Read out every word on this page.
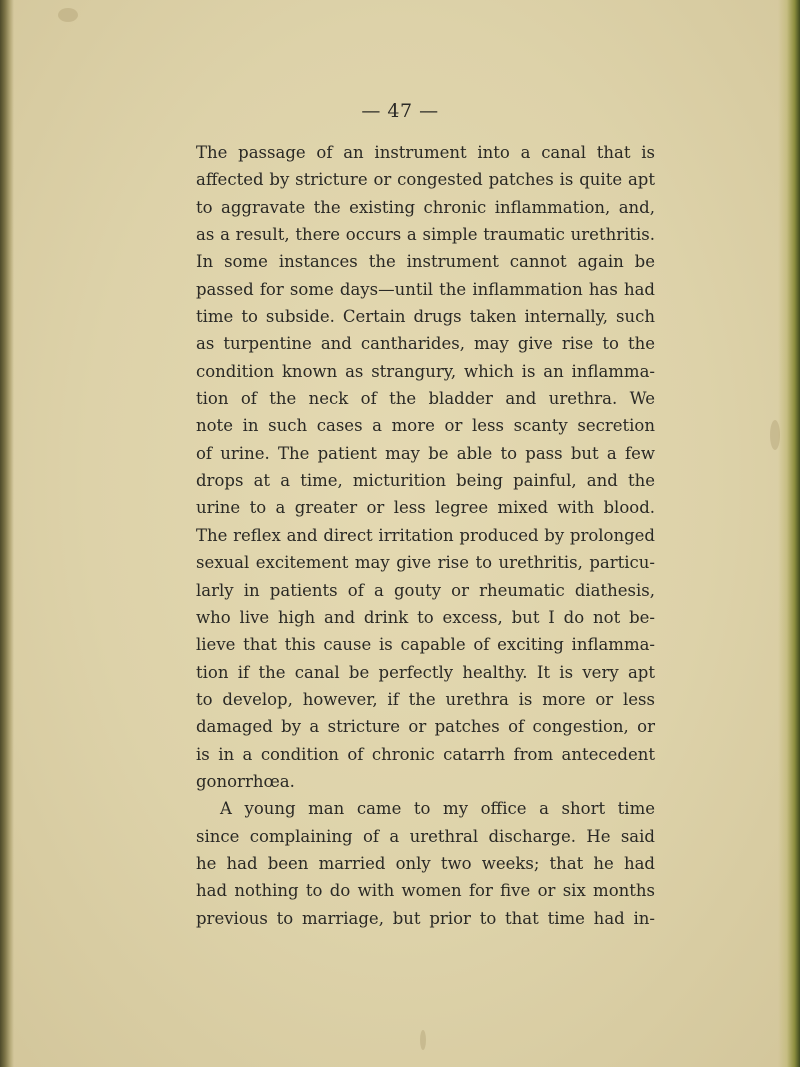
— 47 —

The passage of an instrument into a canal that is
affected by stricture or congested patches is quite apt
to aggravate the existing chronic inflammation, and,
as a result, there occurs a simple traumatic urethritis.
In some instances the instrument cannot again be
passed for some days—until the inflammation has had
time to subside. Certain drugs taken internally, such
as turpentine and cantharides, may give rise to the
condition known as strangury, which is an inflamma-
tion of the neck of the bladder and urethra. We
note in such cases a more or less scanty secretion
of urine. The patient may be able to pass but a few
drops at a time, micturition being painful, and the
urine to a greater or less legree mixed with blood.
The reflex and direct irritation produced by prolonged
sexual excitement may give rise to urethritis, particu-
larly in patients of a gouty or rheumatic diathesis,
who live high and drink to excess, but I do not be-
lieve that this cause is capable of exciting inflamma-
tion if the canal be perfectly healthy. It is very apt
to develop, however, if the urethra is more or less
damaged by a stricture or patches of congestion, or
is in a condition of chronic catarrh from antecedent
gonorrhœa.
A young man came to my office a short time
since complaining of a urethral discharge. He said
he had been married only two weeks; that he had
had nothing to do with women for five or six months
previous to marriage, but prior to that time had in-
